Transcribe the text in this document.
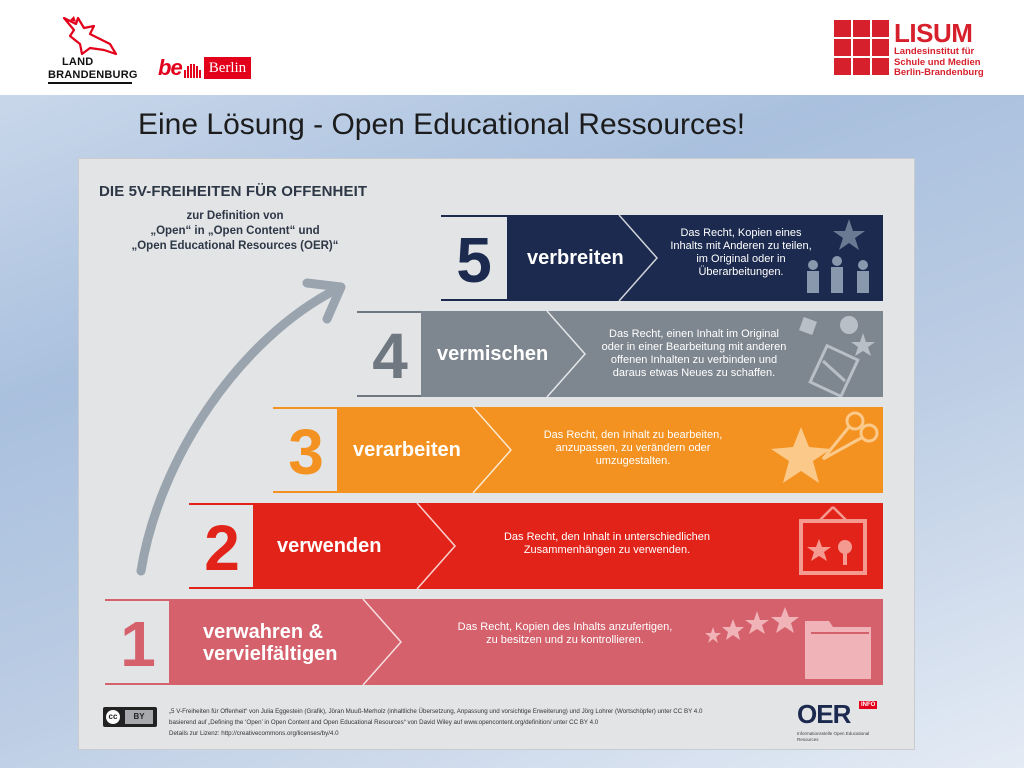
LAND
BRANDENBURG be	Berlin
LISUM
Landesinstitut für
Schule und Medien
Berlin-Brandenburg
Eine Lösung - Open Educational Ressources!
DIE 5V-FREIHEITEN FÜR OFFENHEIT
zur Definition von
„Open“ in „Open Content“ und
„Open Educational Resources (OER)“ 5	verbreiten
Das Recht, Kopien eines
Inhalts mit Anderen zu teilen,
im Original oder in
Überarbeitungen.
4	vermischen
Das Recht, einen Inhalt im Original
oder in einer Bearbeitung mit anderen
offenen Inhalten zu verbinden und
daraus etwas Neues zu schaffen.
3	verarbeiten
Das Recht, den Inhalt zu bearbeiten,
anzupassen, zu verändern oder
umzugestalten.
2	verwenden	Das Recht, den Inhalt in unterschiedlichen
Zusammenhängen zu verwenden.
1	verwahren &
vervielfältigen
Das Recht, Kopien des Inhalts anzufertigen,
zu besitzen und zu kontrollieren.
cc	BY
„5 V-Freiheiten für Offenheit“ von Julia Eggestein (Grafik), Jöran Muuß-Merholz (inhaltliche Übersetzung, Anpassung und vorsichtige Erweiterung) und Jörg Lohrer (Wortschöpfer) unter CC BY 4.0
basierend auf „Defining the ‘Open’ in Open Content and Open Educational Resources“ von David Wiley auf www.opencontent.org/definition/ unter CC BY 4.0
Details zur Lizenz: http://creativecommons.org/licenses/by/4.0
OER	INFO
Informationsstelle Open Educational
Resources
